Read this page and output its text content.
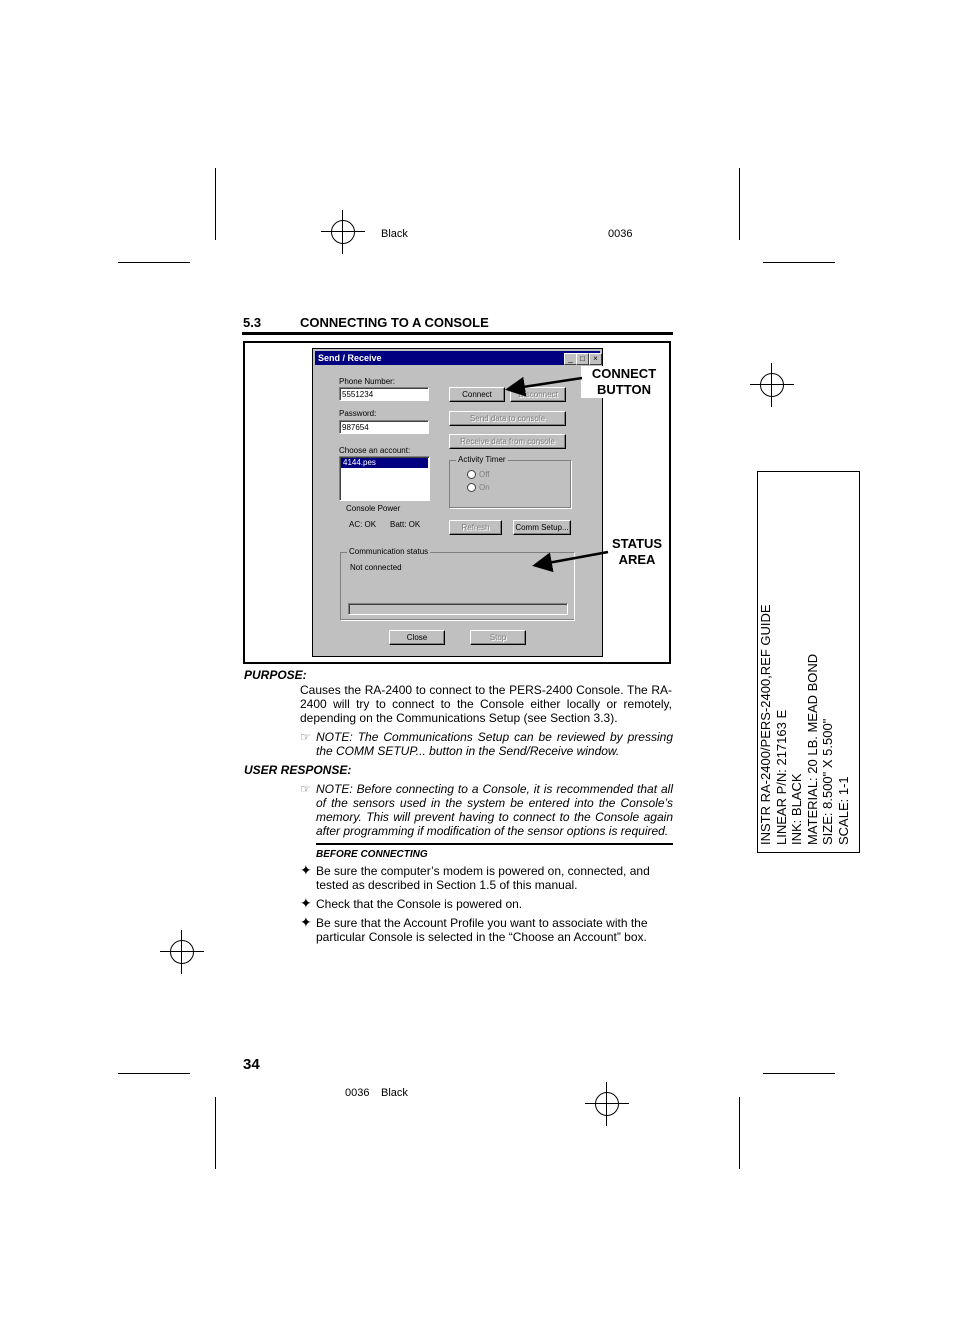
Black	0036
5.3	CONNECTING TO A CONSOLE
Send / Receive	_ □	×
Phone Number:
5551234
Password:
987654
Choose an account:
4144.pes
Connect	Disconnect
Send data to console
Receive data from console
Activity Timer
Off
On
Console Power
AC: OK Batt: OK	Refresh	Comm Setup...
Communication status
Not connected
Close	Stop
CONNECT
BUTTON
STATUS
AREA
PURPOSE:
Causes the RA-2400 to connect to the PERS-2400 Console. The RA-2400 will try to connect to the Console either locally or remotely, depending on the Communications Setup (see Section 3.3).
☞ NOTE: The Communications Setup can be reviewed by pressing the COMM SETUP... button in the Send/Receive window.
USER RESPONSE:
☞ NOTE: Before connecting to a Console, it is recommended that all of the sensors used in the system be entered into the Console’s memory. This will prevent having to connect to the Console again after programming if modification of the sensor options is required.
BEFORE CONNECTING
✦ Be sure the computer’s modem is powered on, connected, and tested as described in Section 1.5 of this manual.
✦ Check that the Console is powered on.
✦ Be sure that the Account Profile you want to associate with the particular Console is selected in the “Choose an Account” box.
34
0036 Black
INSTR RA-2400/PERS-2400,REF GUIDE LINEAR P/N: 217163 E INK: BLACK MATERIAL: 20 LB. MEAD BOND SIZE: 8.500" X 5.500" SCALE: 1-1
